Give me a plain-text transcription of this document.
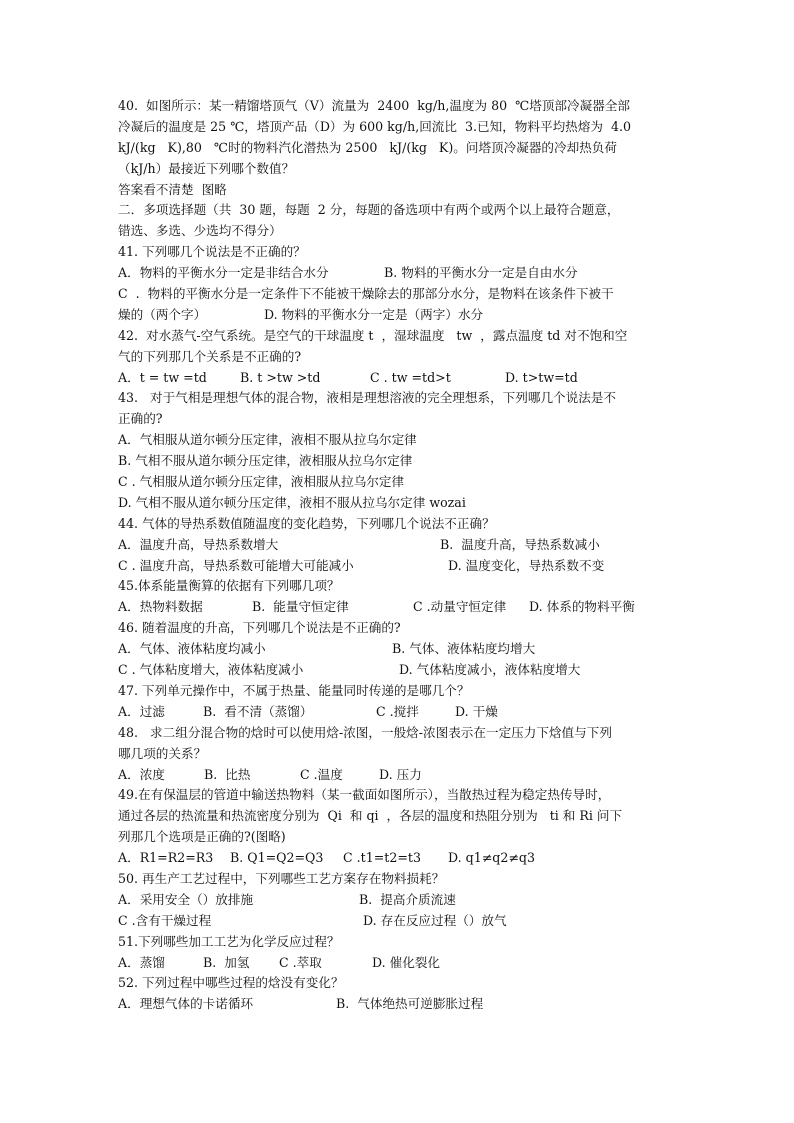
40.  如图所示：某一精馏塔顶气（V）流量为  2400  kg/h,温度为 80  ℃塔顶部冷凝器全部
冷凝后的温度是 25 ℃，塔顶产品（D）为 600 kg/h,回流比  3.已知，物料平均热熔为  4.0
kJ/(kg   K),80   ℃时的物料汽化潜热为 2500   kJ/(kg   K)。问塔顶冷凝器的冷却热负荷
（kJ/h）最接近下列哪个数值？
答案看不清楚  图略
二．多项选择题（共  30 题，每题  2 分，每题的备选项中有两个或两个以上最符合题意，
错选、多选、少选均不得分）
41. 下列哪几个说法是不正确的？

A．物料的平衡水分一定是非结合水分

	B. 物料的平衡水分一定是自由水分

C  .  物料的平衡水分是一定条件下不能被干燥除去的那部分水分，是物料在该条件下被干

燥的（两个字）

	D. 物料的平衡水分一定是（两字）水分

42.  对水蒸气-空气系统。是空气的干球温度 t  ，湿球温度   tw  ，露点温度 td 对不饱和空
气的下列那几个关系是不正确的?

A．t = tw =td

	B. t >tw >td

	C . tw =td>t

	D. t>tw=td

43.   对于气相是理想气体的混合物，液相是理想溶液的完全理想系，下列哪几个说法是不
正确的?
A．气相服从道尔顿分压定律，液相不服从拉乌尔定律
B. 气相不服从道尔顿分压定律，液相服从拉乌尔定律
C . 气相服从道尔顿分压定律，液相服从拉乌尔定律
D. 气相不服从道尔顿分压定律，液相不服从拉乌尔定律 wozai
44. 气体的导热系数值随温度的变化趋势，下列哪几个说法不正确？

A．温度升高，导热系数增大

	B.  温度升高，导热系数减小

C . 温度升高，导热系数可能增大可能减小

	D. 温度变化，导热系数不变

45.体系能量衡算的依据有下列哪几项？

A．热物料数据

	B.  能量守恒定律

	C .动量守恒定律

D. 体系的物料平衡

46. 随着温度的升高，下列哪几个说法是不正确的?

A．气体、液体粘度均减小

	B. 气体、液体粘度均增大

C . 气体粘度增大，液体粘度减小

	D. 气体粘度减小，液体粘度增大

47. 下列单元操作中，不属于热量、能量同时传递的是哪几个？

A．过滤

	B.  看不清（蒸馏）

	C .搅拌

	D. 干燥

48.   求二组分混合物的焓时可以使用焓-浓图，一般焓-浓图表示在一定压力下焓值与下列
哪几项的关系？

A．浓度

	B.  比热

	C .温度

	D. 压力

49.在有保温层的管道中输送热物料（某一截面如图所示），当散热过程为稳定热传导时，
通过各层的热流量和热流密度分别为  Qi  和 qi  ，各层的温度和热阻分别为   ti 和 Ri 问下
列那几个选项是正确的?(图略)

A．R1=R2=R3

B. Q1=Q2=Q3

C .t1=t2=t3

D. q1≠q2≠q3

50. 再生产工艺过程中，下列哪些工艺方案存在物料损耗？

A．采用安全（）放排施

	B.  提高介质流速

C .含有干燥过程

	D. 存在反应过程（）放气

51.下列哪些加工工艺为化学反应过程？

A．蒸馏

	B.  加氢

C .萃取

	D. 催化裂化

52. 下列过程中哪些过程的焓没有变化？

A．理想气体的卡诺循环

	B.  气体绝热可逆膨胀过程
